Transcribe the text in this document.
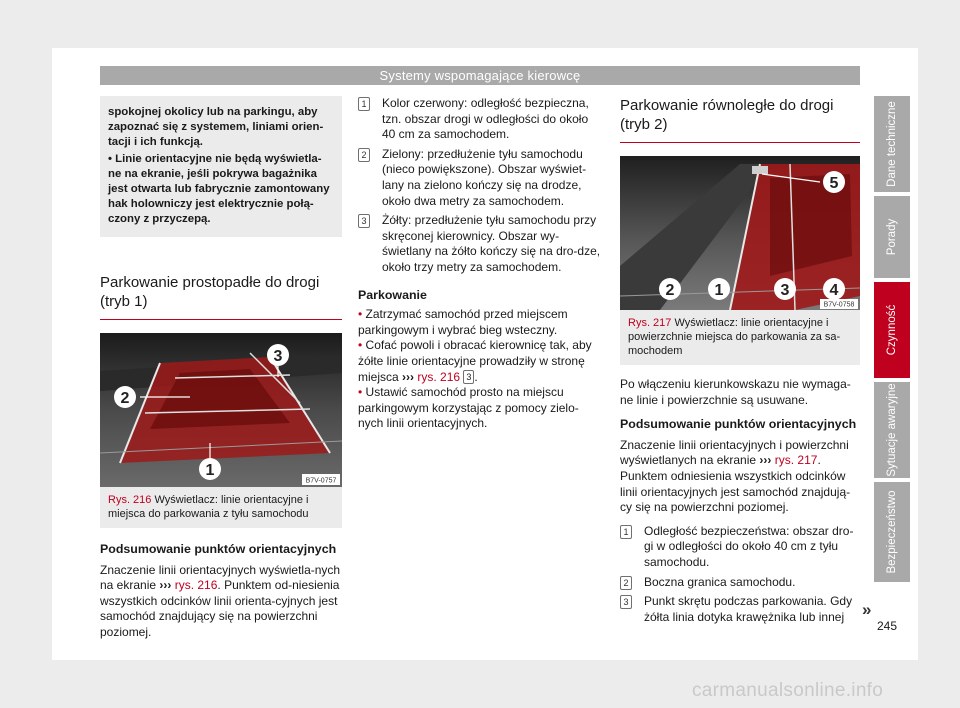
Systemy wspomagające kierowcę

spokojnej okolicy lub na parkingu, aby zapoznać się z systemem, liniami orien-tacji i ich funkcją.

• Linie orientacyjne nie będą wyświetla-ne na ekranie, jeśli pokrywa bagażnika jest otwarta lub fabrycznie zamontowany hak holowniczy jest elektrycznie połą-czony z przyczepą.

Parkowanie prostopadłe do drogi (tryb 1)
3
2
1
B7V-0757
Rys. 216 Wyświetlacz: linie orientacyjne i miejsca do parkowania z tyłu samochodu

Podsumowanie punktów orientacyjnych

Znaczenie linii orientacyjnych wyświetla-nych na ekranie ››› rys. 216. Punktem od-niesienia wszystkich odcinków linii orienta-cyjnych jest samochód znajdujący się na powierzchni poziomej.

1 Kolor czerwony: odległość bezpieczna, tzn. obszar drogi w odległości do około 40 cm za samochodem.
2 Zielony: przedłużenie tyłu samochodu (nieco powiększone). Obszar wyświet-lany na zielono kończy się na drodze, około dwa metry za samochodem.
3 Żółty: przedłużenie tyłu samochodu przy skręconej kierownicy. Obszar wy-świetlany na żółto kończy się na dro-dze, około trzy metry za samochodem.

Parkowanie

• Zatrzymać samochód przed miejscem parkingowym i wybrać bieg wsteczny.

• Cofać powoli i obracać kierownicę tak, aby żółte linie orientacyjne prowadziły w stronę miejsca ››› rys. 216 3 .

• Ustawić samochód prosto na miejscu parkingowym korzystając z pomocy zielo-nych linii orientacyjnych.

Parkowanie równoległe do drogi (tryb 2)
5
2	1	3	4
B7V-0758
Rys. 217 Wyświetlacz: linie orientacyjne i powierzchnie miejsca do parkowania za sa-mochodem

Po włączeniu kierunkowskazu nie wymaga-ne linie i powierzchnie są usuwane.

Podsumowanie punktów orientacyjnych

Znaczenie linii orientacyjnych i powierzchni wyświetlanych na ekranie ››› rys. 217. Punktem odniesienia wszystkich odcinków linii orientacyjnych jest samochód znajdują-cy się na powierzchni poziomej.

1 Odległość bezpieczeństwa: obszar dro-gi w odległości do około 40 cm z tyłu samochodu.
2 Boczna granica samochodu.
3 Punkt skrętu podczas parkowania. Gdy żółta linia dotyka krawężnika lub innej	»
Dane techniczne
Porady
Czynność
Sytuacje awaryjne
Bezpieczeństwo
245
carmanualsonline.info
